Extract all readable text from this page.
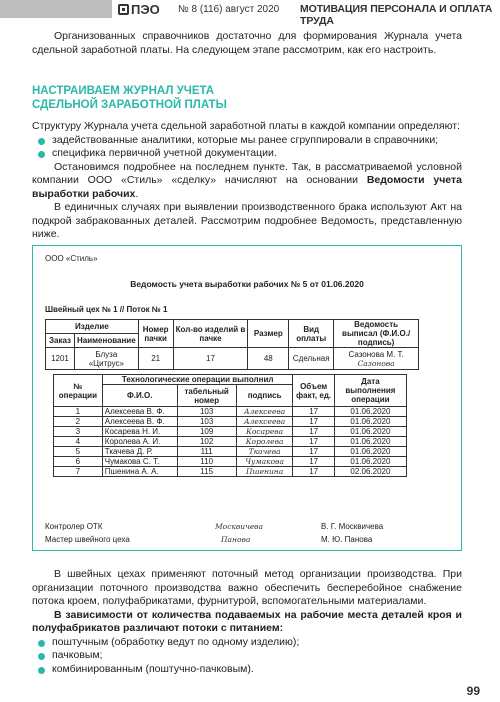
ПЭО № 8 (116) август 2020 МОТИВАЦИЯ ПЕРСОНАЛА И ОПЛАТА ТРУДА

Организованных справочников достаточно для формирования Журнала учета сдельной заработной платы. На следующем этапе рассмотрим, как его настроить.

НАСТРАИВАЕМ ЖУРНАЛ УЧЕТА
СДЕЛЬНОЙ ЗАРАБОТНОЙ ПЛАТЫ

Структуру Журнала учета сдельной заработной платы в каждой компании определяют:

задействованные аналитики, которые мы ранее сгруппировали в справочники;
специфика первичной учетной документации.

Остановимся подробнее на последнем пункте. Так, в рассматриваемой условной компании ООО «Стиль» «сделку» начисляют на основании Ведомости учета выработки рабочих.

В единичных случаях при выявлении производственного брака используют Акт на подкрой забракованных деталей. Рассмотрим подробнее Ведомость, представленную ниже.

ООО «Стиль»
Ведомость учета выработки рабочих № 5 от 01.06.2020
Швейный цех № 1 // Поток № 1
Изделие		Номер пачки	Кол-во изделий в пачке	Размер	Вид оплаты	Ведомость выписал (Ф.И.О./подпись)
Заказ	Наименование					
1201	Блуза «Цитрус»	21	17	48	Сдельная	Сазонова М. Т.
Сазонова
№ операции	Технологические операции выполнил			Объем факт, ед.	Дата выполнения операции
	Ф.И.О.	табельный номер	подпись		
1	Алексеева В. Ф.	103	Алексеева	17	01.06.2020
2	Алексеева В. Ф.	103	Алексеева	17	01.06.2020
3	Косарева Н. И.	109	Косарева	17	01.06.2020
4	Королева А. И.	102	Королева	17	01.06.2020
5	Ткачева Д. Р.	111	Ткачева	17	01.06.2020
6	Чумакова С. Т.	110	Чумакова	17	01.06.2020
7	Пшенина А. А.	115	Пшенина	17	02.06.2020
Контролер ОТК	Москвичева	В. Г. Москвичева
Мастер швейного цеха	Панова	М. Ю. Панова

В швейных цехах применяют поточный метод организации производства. При организации поточного производства важно обеспечить бесперебойное снабжение потока кроем, полуфабрикатами, фурнитурой, вспомогательными материалами.

В зависимости от количества подаваемых на рабочие места деталей кроя и полуфабрикатов различают потоки с питанием:

поштучным (обработку ведут по одному изделию);
пачковым;
комбинированным (поштучно-пачковым).
99
